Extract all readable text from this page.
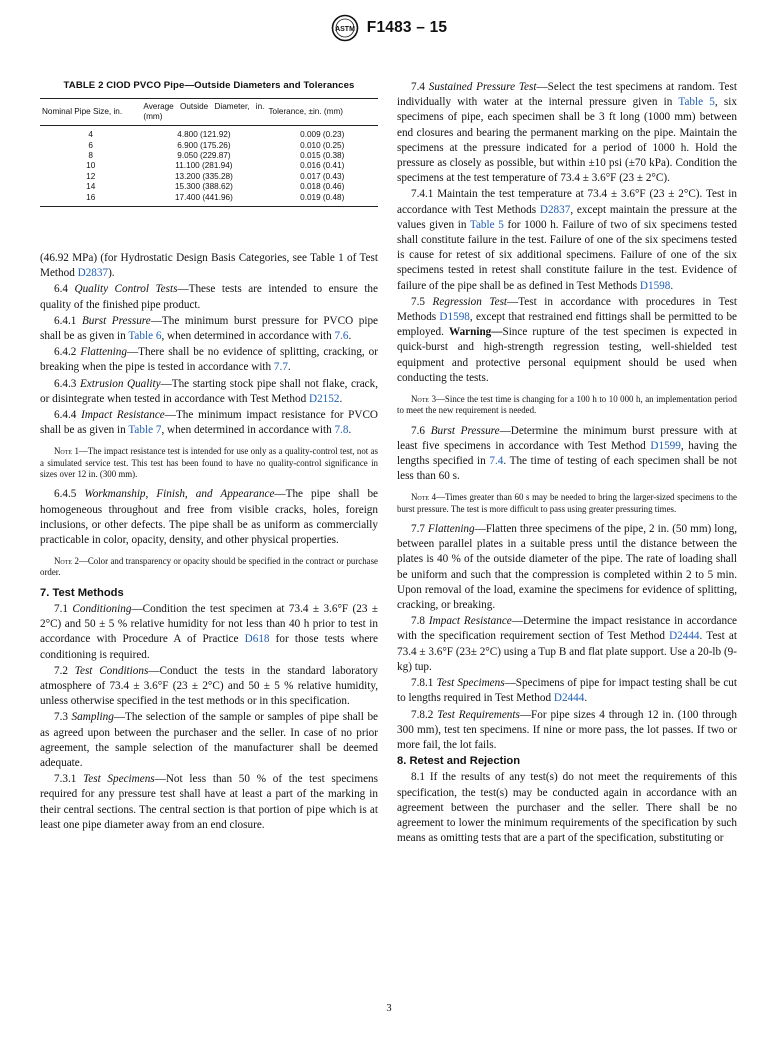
ASTM F1483 – 15
TABLE 2 CIOD PVCO Pipe—Outside Diameters and Tolerances
Nominal Pipe Size, in.	Average Outside Diameter, in. (mm)	Tolerance, ±in. (mm)
4	4.800 (121.92)	0.009 (0.23)
6	6.900 (175.26)	0.010 (0.25)
8	9.050 (229.87)	0.015 (0.38)
10	11.100 (281.94)	0.016 (0.41)
12	13.200 (335.28)	0.017 (0.43)
14	15.300 (388.62)	0.018 (0.46)
16	17.400 (441.96)	0.019 (0.48)

(46.92 MPa) (for Hydrostatic Design Basis Categories, see Table 1 of Test Method D2837).

6.4 Quality Control Tests—These tests are intended to ensure the quality of the finished pipe product.

6.4.1 Burst Pressure—The minimum burst pressure for PVCO pipe shall be as given in Table 6, when determined in accordance with 7.6.

6.4.2 Flattening—There shall be no evidence of splitting, cracking, or breaking when the pipe is tested in accordance with 7.7.

6.4.3 Extrusion Quality—The starting stock pipe shall not flake, crack, or disintegrate when tested in accordance with Test Method D2152.

6.4.4 Impact Resistance—The minimum impact resistance for PVCO shall be as given in Table 7, when determined in accordance with 7.8.

Note 1—The impact resistance test is intended for use only as a quality-control test, not as a simulated service test. This test has been found to have no quality-control significance in sizes over 12 in. (300 mm).

6.4.5 Workmanship, Finish, and Appearance—The pipe shall be homogeneous throughout and free from visible cracks, holes, foreign inclusions, or other defects. The pipe shall be as uniform as commercially practicable in color, opacity, density, and other physical properties.

Note 2—Color and transparency or opacity should be specified in the contract or purchase order.

7. Test Methods

7.1 Conditioning—Condition the test specimen at 73.4 ± 3.6°F (23 ± 2°C) and 50 ± 5 % relative humidity for not less than 40 h prior to test in accordance with Procedure A of Practice D618 for those tests where conditioning is required.

7.2 Test Conditions—Conduct the tests in the standard laboratory atmosphere of 73.4 ± 3.6°F (23 ± 2°C) and 50 ± 5 % relative humidity, unless otherwise specified in the test methods or in this specification.

7.3 Sampling—The selection of the sample or samples of pipe shall be as agreed upon between the purchaser and the seller. In case of no prior agreement, the sample selection of the manufacturer shall be deemed adequate.

7.3.1 Test Specimens—Not less than 50 % of the test specimens required for any pressure test shall have at least a part of the marking in their central sections. The central section is that portion of pipe which is at least one pipe diameter away from an end closure.

7.4 Sustained Pressure Test—Select the test specimens at random. Test individually with water at the internal pressure given in Table 5, six specimens of pipe, each specimen shall be 3 ft long (1000 mm) between end closures and bearing the permanent marking on the pipe. Maintain the specimens at the pressure indicated for a period of 1000 h. Hold the pressure as closely as possible, but within ±10 psi (±70 kPa). Condition the specimens at the test temperature of 73.4 ± 3.6°F (23 ± 2°C).

7.4.1 Maintain the test temperature at 73.4 ± 3.6°F (23 ± 2°C). Test in accordance with Test Methods D2837, except maintain the pressure at the values given in Table 5 for 1000 h. Failure of two of six specimens tested shall constitute failure in the test. Failure of one of the six specimens tested is cause for retest of six additional specimens. Failure of one of the six specimens tested in retest shall constitute failure in the test. Evidence of failure of the pipe shall be as defined in Test Methods D1598.

7.5 Regression Test—Test in accordance with procedures in Test Methods D1598, except that restrained end fittings shall be permitted to be employed. Warning—Since rupture of the test specimen is expected in quick-burst and high-strength regression testing, well-shielded test equipment and protective personal equipment should be used when conducting the tests.

Note 3—Since the test time is changing for a 100 h to 10 000 h, an implementation period to meet the new requirement is needed.

7.6 Burst Pressure—Determine the minimum burst pressure with at least five specimens in accordance with Test Method D1599, having the lengths specified in 7.4. The time of testing of each specimen shall be not less than 60 s.

Note 4—Times greater than 60 s may be needed to bring the larger-sized specimens to the burst pressure. The test is more difficult to pass using greater pressuring times.

7.7 Flattening—Flatten three specimens of the pipe, 2 in. (50 mm) long, between parallel plates in a suitable press until the distance between the plates is 40 % of the outside diameter of the pipe. The rate of loading shall be uniform and such that the compression is completed within 2 to 5 min. Upon removal of the load, examine the specimens for evidence of splitting, cracking, or breaking.

7.8 Impact Resistance—Determine the impact resistance in accordance with the specification requirement section of Test Method D2444. Test at 73.4 ± 3.6°F (23± 2°C) using a Tup B and flat plate support. Use a 20-lb (9-kg) tup.

7.8.1 Test Specimens—Specimens of pipe for impact testing shall be cut to lengths required in Test Method D2444.

7.8.2 Test Requirements—For pipe sizes 4 through 12 in. (100 through 300 mm), test ten specimens. If nine or more pass, the lot passes. If two or more fail, the lot fails.

8. Retest and Rejection

8.1 If the results of any test(s) do not meet the requirements of this specification, the test(s) may be conducted again in accordance with an agreement between the purchaser and the seller. There shall be no agreement to lower the minimum requirements of the specification by such means as omitting tests that are a part of the specification, substituting or

3
